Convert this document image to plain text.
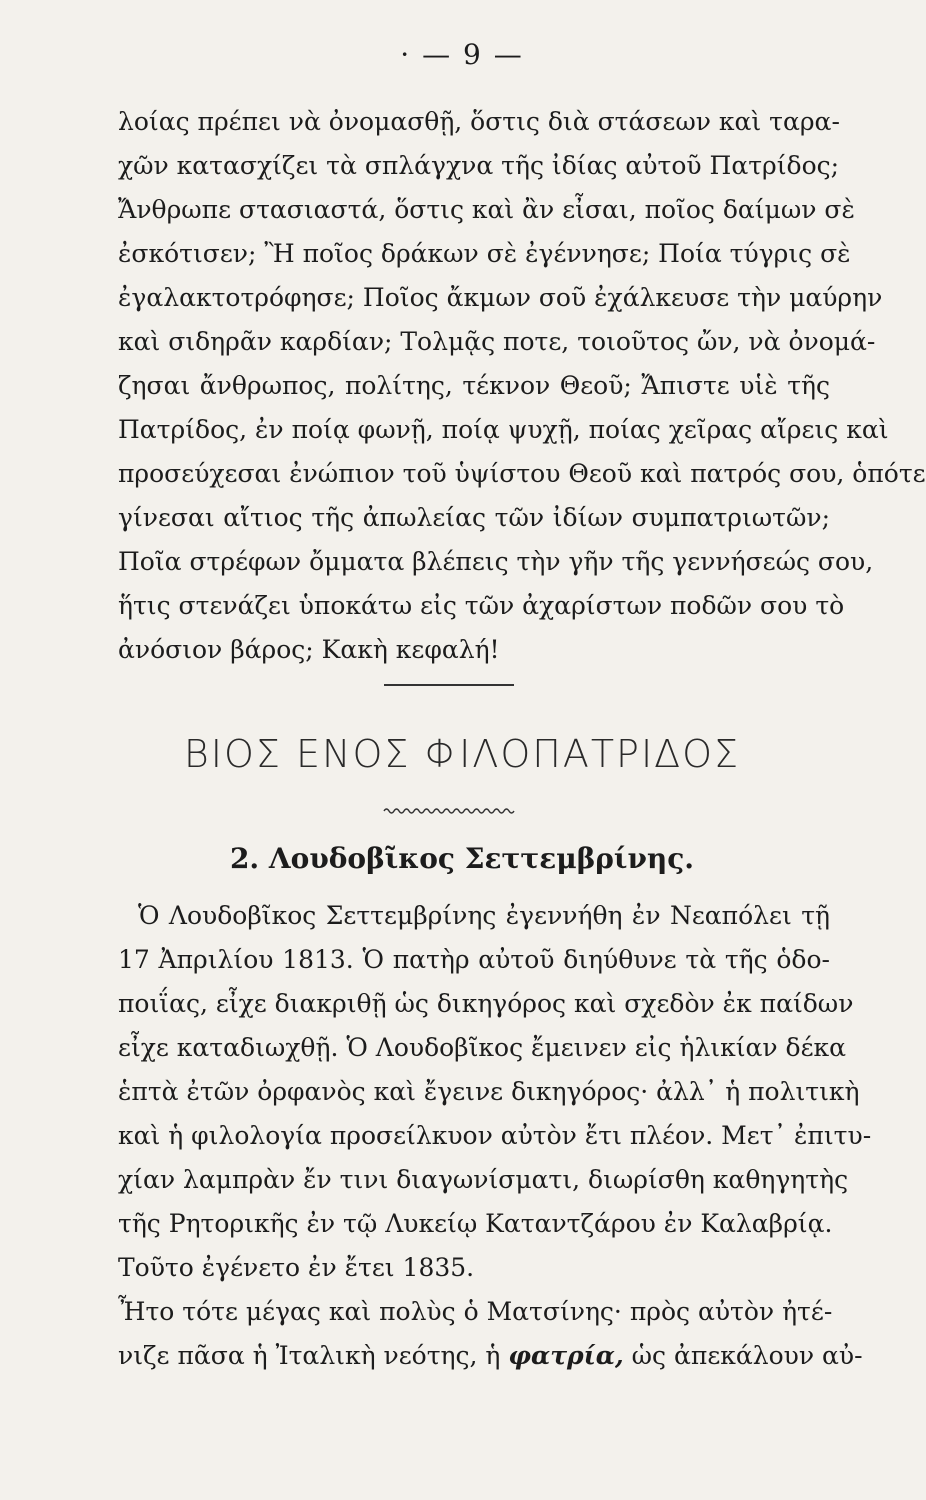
· — 9 —
λοίας πρέπει νὰ ὀνομασθῇ, ὅστις διὰ στάσεων καὶ ταρα-
χῶν κατασχίζει τὰ σπλάγχνα τῆς ἰδίας αὐτοῦ Πατρίδος;
Ἄνθρωπε στασιαστά, ὅστις καὶ ἂν εἶσαι, ποῖος δαίμων σὲ
ἐσκότισεν; Ἢ ποῖος δράκων σὲ ἐγέννησε; Ποία τύγρις σὲ
ἐγαλακτοτρόφησε; Ποῖος ἄκμων σοῦ ἐχάλκευσε τὴν μαύρην
καὶ σιδηρᾶν καρδίαν; Τολμᾷς ποτε, τοιοῦτος ὤν, νὰ ὀνομά-
ζησαι ἄνθρωπος, πολίτης, τέκνον Θεοῦ; Ἄπιστε υἱὲ τῆς
Πατρίδος, ἐν ποίᾳ φωνῇ, ποίᾳ ψυχῇ, ποίας χεῖρας αἴρεις καὶ
προσεύχεσαι ἐνώπιον τοῦ ὑψίστου Θεοῦ καὶ πατρός σου, ὁπότε
γίνεσαι αἴτιος τῆς ἀπωλείας τῶν ἰδίων συμπατριωτῶν;
Ποῖα στρέφων ὄμματα βλέπεις τὴν γῆν τῆς γεννήσεώς σου,
ἥτις στενάζει ὑποκάτω εἰς τῶν ἀχαρίστων ποδῶν σου τὸ
ἀνόσιον βάρος; Κακὴ κεφαλή!
ΒΙΟΣ ΕΝΟΣ ΦΙΛΟΠΑΤΡΙΔΟΣ
2. Λουδοβῖκος Σεττεμβρίνης.
Ὁ Λουδοβῖκος Σεττεμβρίνης ἐγεννήθη ἐν Νεαπόλει τῇ
17 Ἀπριλίου 1813. Ὁ πατὴρ αὐτοῦ διηύθυνε τὰ τῆς ὁδο-
ποιΐας, εἶχε διακριθῇ ὡς δικηγόρος καὶ σχεδὸν ἐκ παίδων
εἶχε καταδιωχθῇ. Ὁ Λουδοβῖκος ἔμεινεν εἰς ἡλικίαν δέκα
ἑπτὰ ἐτῶν ὀρφανὸς καὶ ἔγεινε δικηγόρος· ἀλλ᾽ ἡ πολιτικὴ
καὶ ἡ φιλολογία προσείλκυον αὐτὸν ἔτι πλέον. Μετ᾽ ἐπιτυ-
χίαν λαμπρὰν ἔν τινι διαγωνίσματι, διωρίσθη καθηγητὴς
τῆς Ρητορικῆς ἐν τῷ Λυκείῳ Καταντζάρου ἐν Καλαβρίᾳ.
Τοῦτο ἐγένετο ἐν ἔτει 1835.
Ἦτο τότε μέγας καὶ πολὺς ὁ Ματσίνης· πρὸς αὐτὸν ἠτέ-
νιζε πᾶσα ἡ Ἰταλικὴ νεότης, ἡ φατρία, ὡς ἀπεκάλουν αὐ-
